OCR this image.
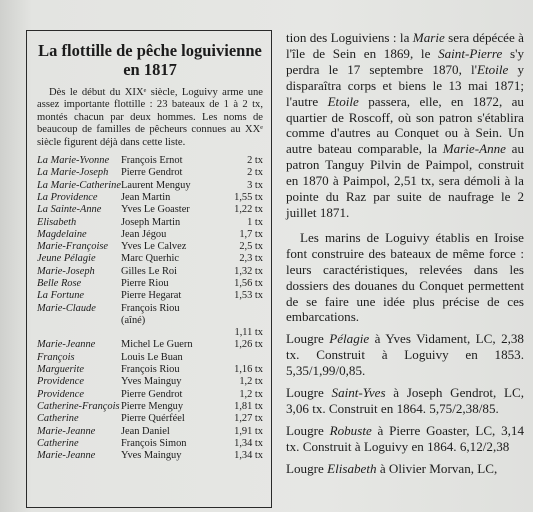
La flottille de pêche loguivienne en 1817

Dès le début du XIXᵉ siècle, Loguivy arme une assez importante flottille : 23 bateaux de 1 à 2 tx, montés chacun par deux hommes. Les noms de beaucoup de familles de pêcheurs connues au XXᵉ siècle figurent déjà dans cette liste.

La Marie-Yvonne	François Ernot	2 tx
La Marie-Joseph	Pierre Gendrot	2 tx
La Marie-Catherine	Laurent Menguy	3 tx
La Providence	Jean Martin	1,55 tx
La Sainte-Anne	Yves Le Goaster	1,22 tx
Elisabeth	Joseph Martin	1 tx
Magdelaine	Jean Jégou	1,7 tx
Marie-Françoise	Yves Le Calvez	2,5 tx
Jeune Pélagie	Marc Querhic	2,3 tx
Marie-Joseph	Gilles Le Roi	1,32 tx
Belle Rose	Pierre Riou	1,56 tx
La Fortune	Pierre Hegarat	1,53 tx
Marie-Claude	François Riou	
	(aîné)	
		1,11 tx
Marie-Jeanne	Michel Le Guern	1,26 tx
François	Louis Le Buan	
Marguerite	François Riou	1,16 tx
Providence	Yves Mainguy	1,2 tx
Providence	Pierre Gendrot	1,2 tx
Catherine-François	Pierre Menguy	1,81 tx
Catherine	Pierre Quérféel	1,27 tx
Marie-Jeanne	Jean Daniel	1,91 tx
Catherine	François Simon	1,34 tx
Marie-Jeanne	Yves Mainguy	1,34 tx

tion des Loguiviens : la Marie sera dépécée à l'île de Sein en 1869, le Saint-Pierre s'y perdra le 17 septembre 1870, l'Etoile y disparaîtra corps et biens le 13 mai 1871; l'autre Etoile passera, elle, en 1872, au quartier de Roscoff, où son patron s'établira comme d'autres au Conquet ou à Sein. Un autre bateau comparable, la Marie-Anne au patron Tanguy Pilvin de Paimpol, construit en 1870 à Paimpol, 2,51 tx, sera démoli à la pointe du Raz par suite de naufrage le 2 juillet 1871.

Les marins de Loguivy établis en Iroise font construire des bateaux de même force : leurs caractéristiques, relevées dans les dossiers des douanes du Conquet permettent de se faire une idée plus précise de ces embarcations.

Lougre Pélagie à Yves Vidament, LC, 2,38 tx. Construit à Loguivy en 1853. 5,35/1,99/0,85.

Lougre Saint-Yves à Joseph Gendrot, LC, 3,06 tx. Construit en 1864. 5,75/2,38/85.

Lougre Robuste à Pierre Goaster, LC, 3,14 tx. Construit à Loguivy en 1864. 6,12/2,38

Lougre Elisabeth à Olivier Morvan, LC,
